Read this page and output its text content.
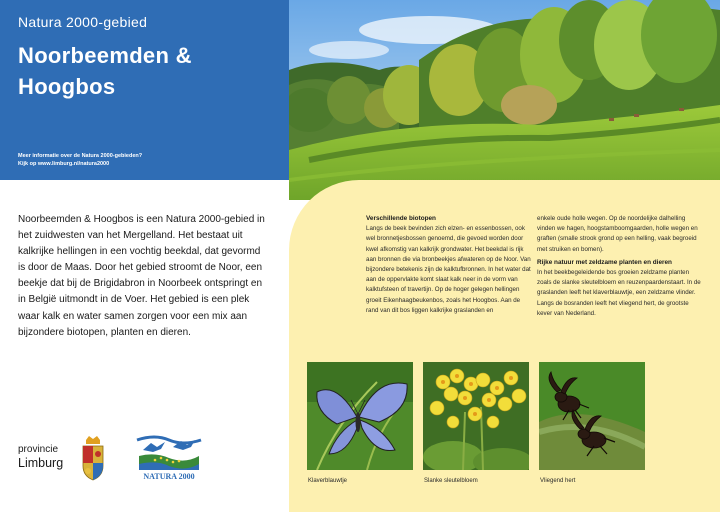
Natura 2000-gebied
Noorbeemden & Hoogbos
Meer informatie over de Natura 2000-gebieden?
Kijk op www.limburg.nl/natura2000

Noorbeemden & Hoogbos is een Natura 2000-gebied in het zuidwesten van het Mergelland. Het bestaat uit kalkrijke hellingen in een vochtig beekdal, dat gevormd is door de Maas. Door het gebied stroomt de Noor, een beekje dat bij de Brigidabron in Noorbeek ontspringt en in België uitmondt in de Voer. Het gebied is een plek waar kalk en water samen zorgen voor een mix aan bijzondere biotopen, planten en dieren.

provincie
Limburg
NATURA 2000
Verschillende biotopen

Langs de beek bevinden zich elzen- en essenbossen, ook wel bronnetjesbossen genoemd, die gevoed worden door kwel afkomstig van kalkrijk grondwater. Het beekdal is rijk aan bronnen die via bronbeekjes afwateren op de Noor. Van bijzondere betekenis zijn de kalktufbronnen. In het water dat aan de oppervlakte komt slaat kalk neer in de vorm van kalktufsteen of travertijn. Op de hoger gelegen hellingen groeit Eikenhaagbeukenbos, zoals het Hoogbos. Aan de rand van dit bos liggen kalkrijke graslanden en

enkele oude holle wegen. Op de noordelijke dalhelling vinden we hagen, hoogstamboomgaarden, holle wegen en graften (smalle strook grond op een helling, vaak begroeid met struiken en bomen).

Rijke natuur met zeldzame planten en dieren

In het beekbegeleidende bos groeien zeldzame planten zoals de slanke sleutelbloem en reuzenpaardenstaart. In de graslanden leeft het klaverblauwtje, een zeldzame vlinder. Langs de bosranden leeft het vliegend hert, de grootste kever van Nederland.

Klaverblauwtje	Slanke sleutelbloem	Vliegend hert
